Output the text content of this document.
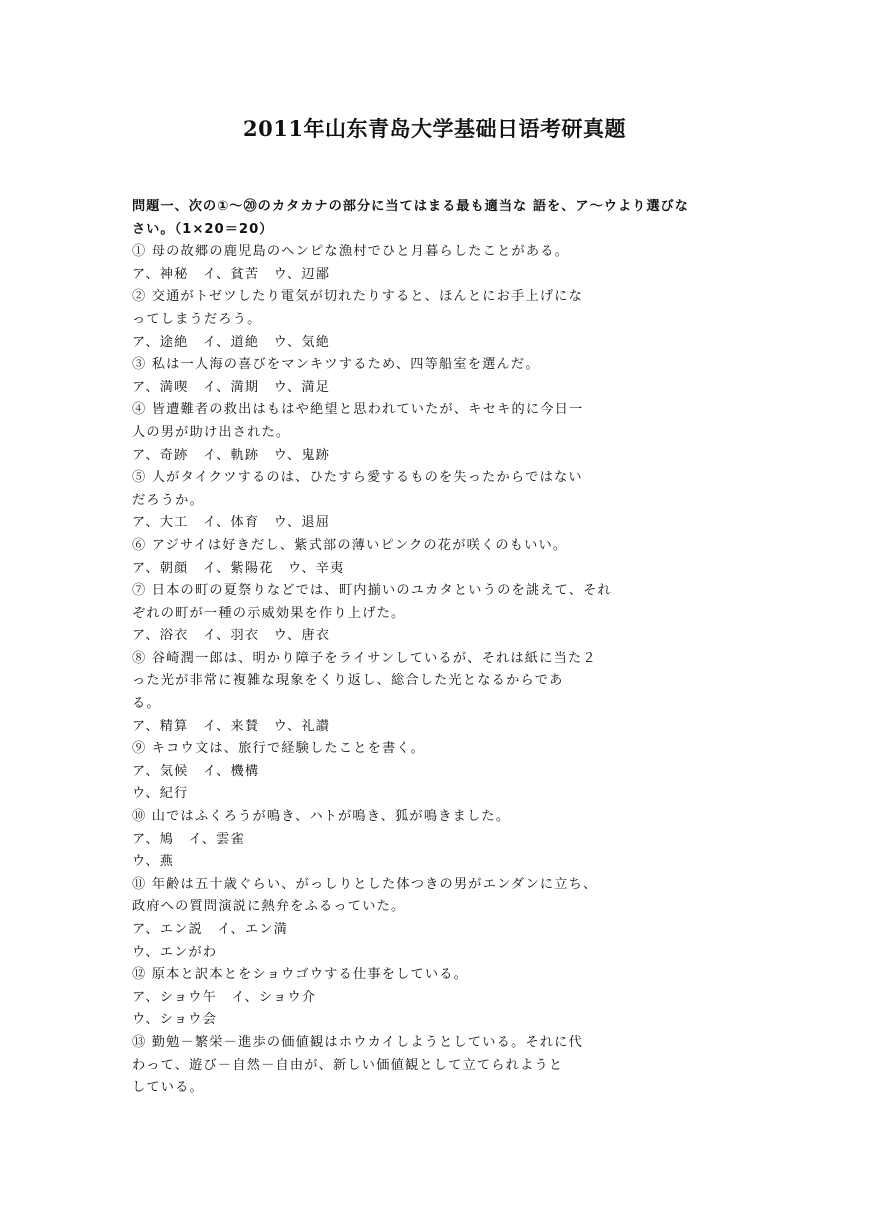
2011年山东青岛大学基础日语考研真题
問題一、次の①～⑳のカタカナの部分に当てはまる最も適当な 語を、ア～ウより選びな
さい。（1×20＝20）
① 母の故郷の鹿児島のヘンピな漁村でひと月暮らしたことがある。
ア、神秘　イ、貧苦　ウ、辺鄙
② 交通がトゼツしたり電気が切れたりすると、ほんとにお手上げにな
ってしまうだろう。
ア、途絶　イ、道絶　ウ、気絶
③ 私は一人海の喜びをマンキツするため、四等船室を選んだ。
ア、満喫　イ、満期　ウ、満足
④ 皆遭難者の救出はもはや絶望と思われていたが、キセキ的に今日一
人の男が助け出された。
ア、奇跡　イ、軌跡　ウ、鬼跡
⑤ 人がタイクツするのは、ひたすら愛するものを失ったからではない
だろうか。
ア、大工　イ、体育　ウ、退屈
⑥ アジサイは好きだし、紫式部の薄いピンクの花が咲くのもいい。
ア、朝顔　イ、紫陽花　ウ、辛夷
⑦ 日本の町の夏祭りなどでは、町内揃いのユカタというのを誂えて、それ
ぞれの町が一種の示威効果を作り上げた。
ア、浴衣　イ、羽衣　ウ、唐衣
⑧ 谷崎潤一郎は、明かり障子をライサンしているが、それは紙に当た２
った光が非常に複雑な現象をくり返し、総合した光となるからであ
る。
ア、精算　イ、来賛　ウ、礼讃
⑨ キコウ文は、旅行で経験したことを書く。
ア、気候　イ、機構
ウ、紀行
⑩ 山ではふくろうが鳴き、ハトが鳴き、狐が鳴きました。
ア、鳩　イ、雲雀
ウ、燕
⑪ 年齢は五十歳ぐらい、がっしりとした体つきの男がエンダンに立ち、
政府への質問演説に熱弁をふるっていた。
ア、エン説　イ、エン満
ウ、エンがわ
⑫ 原本と訳本とをショウゴウする仕事をしている。
ア、ショウ午　イ、ショウ介
ウ、ショウ会
⑬ 勤勉－繁栄－進歩の価値観はホウカイしようとしている。それに代
わって、遊び－自然－自由が、新しい価値観として立てられようと
している。
